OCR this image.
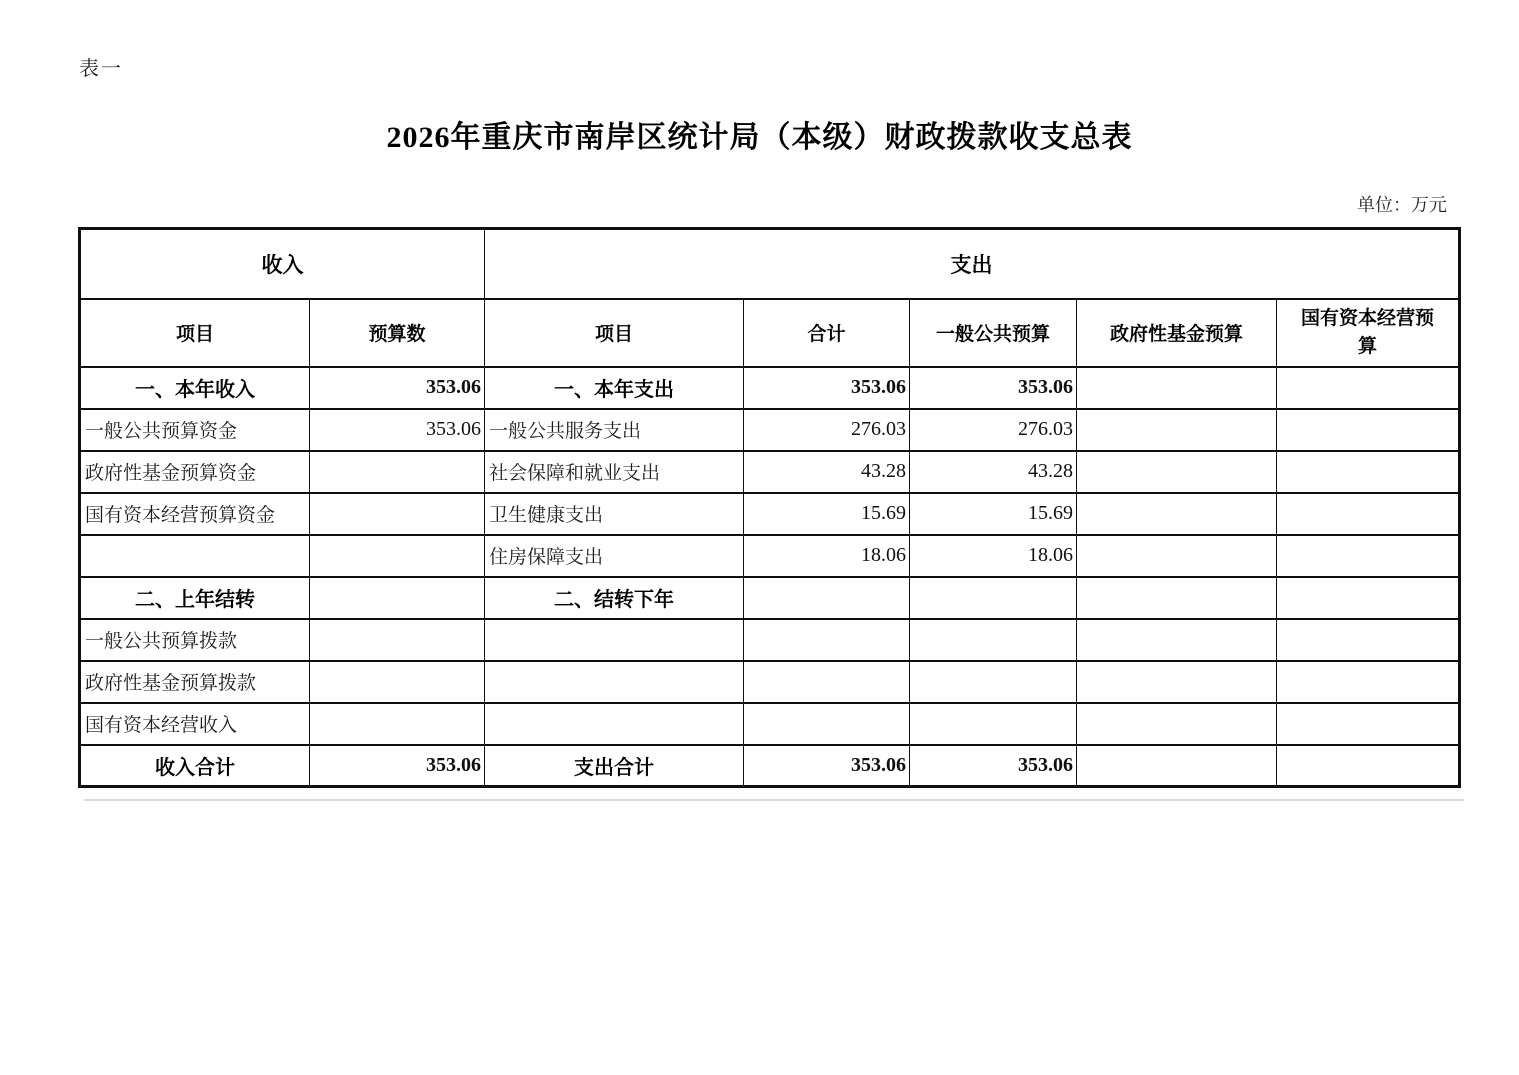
表一
2026年重庆市南岸区统计局（本级）财政拨款收支总表
单位：万元
收入		支出				
项目	预算数	项目	合计	一般公共预算	政府性基金预算	国有资本经营预算
一、本年收入	353.06	一、本年支出	353.06	353.06		
一般公共预算资金	353.06	一般公共服务支出	276.03	276.03		
政府性基金预算资金		社会保障和就业支出	43.28	43.28		
国有资本经营预算资金		卫生健康支出	15.69	15.69		
		住房保障支出	18.06	18.06		
二、上年结转		二、结转下年				
一般公共预算拨款						
政府性基金预算拨款						
国有资本经营收入						
收入合计	353.06	支出合计	353.06	353.06		
